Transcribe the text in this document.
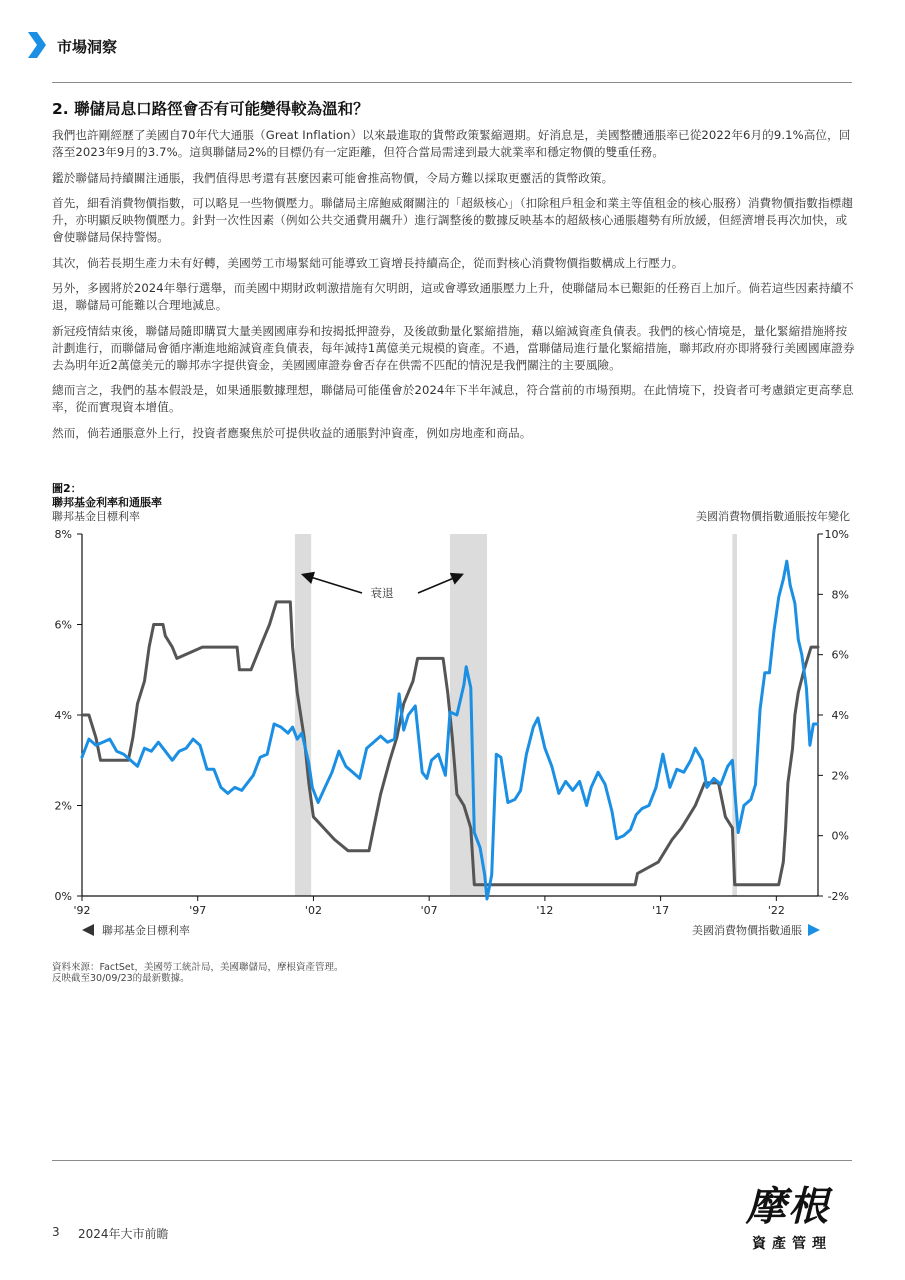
市場洞察
2. 聯儲局息口路徑會否有可能變得較為溫和？

我們也許剛經歷了美國自70年代大通脹（Great Inflation）以來最進取的貨幣政策緊縮週期。好消息是，美國整體通脹率已從2022年6月的9.1%高位，回落至2023年9月的3.7%。這與聯儲局2%的目標仍有一定距離，但符合當局需達到最大就業率和穩定物價的雙重任務。

鑑於聯儲局持續關注通脹，我們值得思考還有甚麼因素可能會推高物價，令局方難以採取更靈活的貨幣政策。

首先，細看消費物價指數，可以略見一些物價壓力。聯儲局主席鮑威爾關注的「超級核心」（扣除租戶租金和業主等值租金的核心服務）消費物價指數指標趨升，亦明顯反映物價壓力。針對一次性因素（例如公共交通費用飆升）進行調整後的數據反映基本的超級核心通脹趨勢有所放緩，但經濟增長再次加快，或會使聯儲局保持警惕。

其次，倘若長期生產力未有好轉，美國勞工市場緊絀可能導致工資增長持續高企，從而對核心消費物價指數構成上行壓力。

另外，多國將於2024年舉行選舉，而美國中期財政刺激措施有欠明朗，這或會導致通脹壓力上升，使聯儲局本已艱鉅的任務百上加斤。倘若這些因素持續不退，聯儲局可能難以合理地減息。

新冠疫情結束後，聯儲局隨即購買大量美國國庫券和按揭抵押證券，及後啟動量化緊縮措施，藉以縮減資產負債表。我們的核心情境是，量化緊縮措施將按計劃進行，而聯儲局會循序漸進地縮減資產負債表，每年減持1萬億美元規模的資產。不過，當聯儲局進行量化緊縮措施，聯邦政府亦即將發行美國國庫證券去為明年近2萬億美元的聯邦赤字提供資金，美國國庫證券會否存在供需不匹配的情況是我們關注的主要風險。

總而言之，我們的基本假設是，如果通脹數據理想，聯儲局可能僅會於2024年下半年減息，符合當前的市場預期。在此情境下，投資者可考慮鎖定更高孳息率，從而實現資本增值。

然而，倘若通脹意外上行，投資者應聚焦於可提供收益的通脹對沖資產，例如房地產和商品。

圖2：
聯邦基金利率和通脹率
0%
2%
4%
6%
8%
-2%
0%
2%
4%
6%
8%
10%
'92	'97	'02	'07	'12	'17	'22
聯邦基金目標利率	美國消費物價指數通脹按年變化
聯邦基金目標利率	美國消費物價指數通脹
衰退
資料來源：FactSet，美國勞工統計局，美國聯儲局，摩根資產管理。
反映截至30/09/23的最新數據。
3 2024年大市前瞻
摩根
資產管理
